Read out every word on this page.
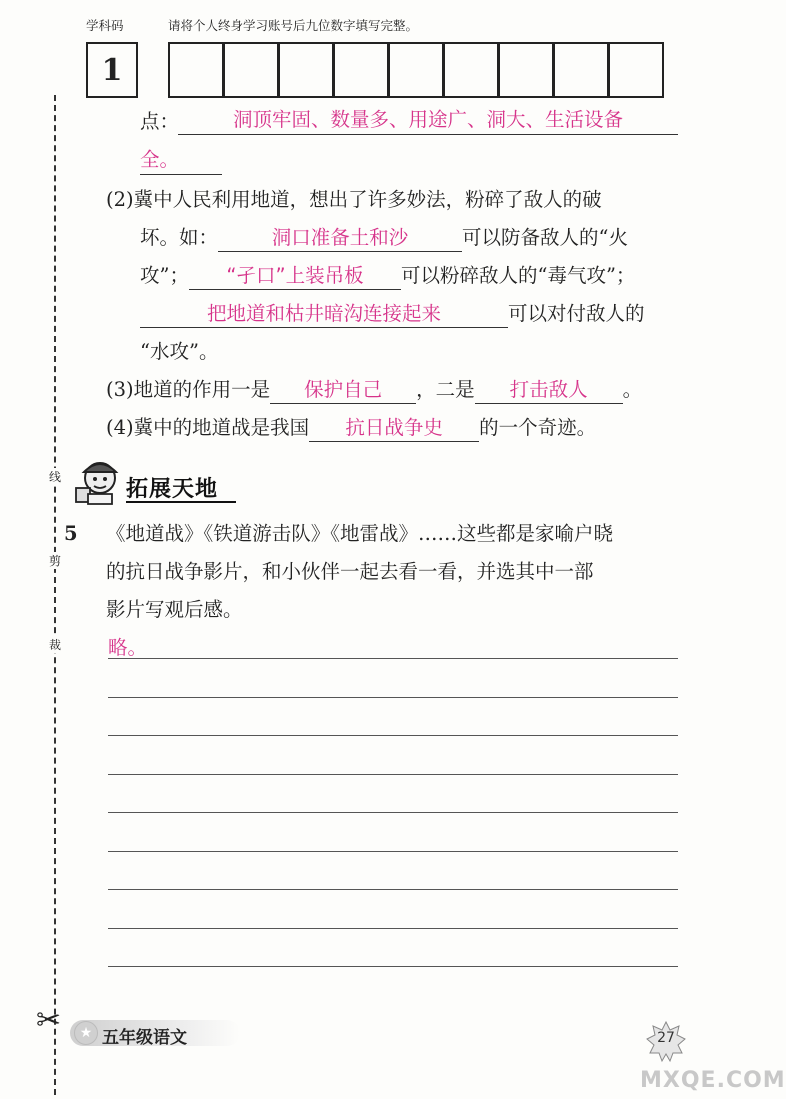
学科码	请将个人终身学习账号后九位数字填写完整。
1
线
剪
裁
✂
点：	洞顶牢固、数量多、用途广、洞大、生活设备
全。
(2)冀中人民利用地道，想出了许多妙法，粉碎了敌人的破
坏。如：	洞口准备土和沙	可以防备敌人的“火
攻”； “孑口”上装吊板 可以粉碎敌人的“毒气攻”；
把地道和枯井暗沟连接起来	可以对付敌人的
“水攻”。
(3)地道的作用一是 保护自己 ，二是 打击敌人 。
(4)冀中的地道战是我国 抗日战争史 的一个奇迹。
拓展天地
5 《地道战》《铁道游击队》《地雷战》……这些都是家喻户晓
的抗日战争影片，和小伙伴一起去看一看，并选其中一部
影片写观后感。
略。
★ 五年级语文	27
MXQE.COM
